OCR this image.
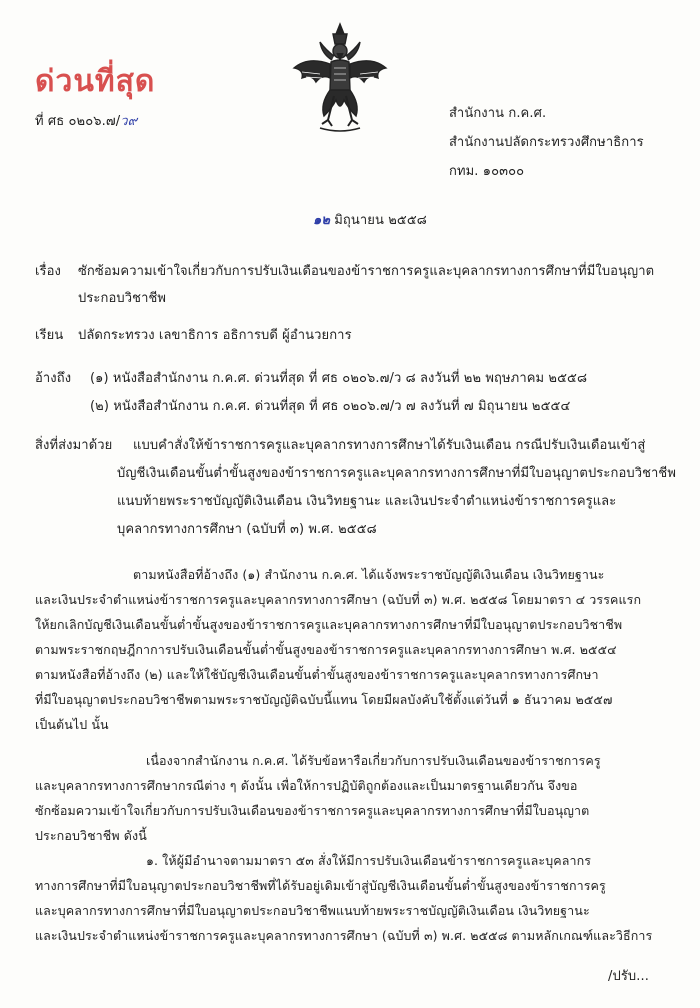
ด่วนที่สุด
ที่ ศธ ๐๒๐๖.๗/ว๙
สำนักงาน ก.ค.ศ.
สำนักงานปลัดกระทรวงศึกษาธิการ
กทม. ๑๐๓๐๐
๑๒ มิถุนายน ๒๕๕๘
เรื่อง ซักซ้อมความเข้าใจเกี่ยวกับการปรับเงินเดือนของข้าราชการครูและบุคลากรทางการศึกษาที่มีใบอนุญาต
ประกอบวิชาชีพ
เรียน ปลัดกระทรวง เลขาธิการ อธิการบดี ผู้อำนวยการ
อ้างถึง (๑) หนังสือสำนักงาน ก.ค.ศ. ด่วนที่สุด ที่ ศธ ๐๒๐๖.๗/ว ๘ ลงวันที่ ๒๒ พฤษภาคม ๒๕๕๘
(๒) หนังสือสำนักงาน ก.ค.ศ. ด่วนที่สุด ที่ ศธ ๐๒๐๖.๗/ว ๗ ลงวันที่ ๗ มิถุนายน ๒๕๕๔
สิ่งที่ส่งมาด้วย แบบคำสั่งให้ข้าราชการครูและบุคลากรทางการศึกษาได้รับเงินเดือน กรณีปรับเงินเดือนเข้าสู่
บัญชีเงินเดือนขั้นต่ำขั้นสูงของข้าราชการครูและบุคลากรทางการศึกษาที่มีใบอนุญาตประกอบวิชาชีพ
แนบท้ายพระราชบัญญัติเงินเดือน เงินวิทยฐานะ และเงินประจำตำแหน่งข้าราชการครูและ
บุคลากรทางการศึกษา (ฉบับที่ ๓) พ.ศ. ๒๕๕๘
ตามหนังสือที่อ้างถึง (๑) สำนักงาน ก.ค.ศ. ได้แจ้งพระราชบัญญัติเงินเดือน เงินวิทยฐานะ
และเงินประจำตำแหน่งข้าราชการครูและบุคลากรทางการศึกษา (ฉบับที่ ๓) พ.ศ. ๒๕๕๘ โดยมาตรา ๔ วรรคแรก
ให้ยกเลิกบัญชีเงินเดือนขั้นต่ำขั้นสูงของข้าราชการครูและบุคลากรทางการศึกษาที่มีใบอนุญาตประกอบวิชาชีพ
ตามพระราชกฤษฎีกาการปรับเงินเดือนขั้นต่ำขั้นสูงของข้าราชการครูและบุคลากรทางการศึกษา พ.ศ. ๒๕๕๔
ตามหนังสือที่อ้างถึง (๒) และให้ใช้บัญชีเงินเดือนขั้นต่ำขั้นสูงของข้าราชการครูและบุคลากรทางการศึกษา
ที่มีใบอนุญาตประกอบวิชาชีพตามพระราชบัญญัติฉบับนี้แทน โดยมีผลบังคับใช้ตั้งแต่วันที่ ๑ ธันวาคม ๒๕๕๗
เป็นต้นไป นั้น
เนื่องจากสำนักงาน ก.ค.ศ. ได้รับข้อหารือเกี่ยวกับการปรับเงินเดือนของข้าราชการครู
และบุคลากรทางการศึกษากรณีต่าง ๆ ดังนั้น เพื่อให้การปฏิบัติถูกต้องและเป็นมาตรฐานเดียวกัน จึงขอ
ซักซ้อมความเข้าใจเกี่ยวกับการปรับเงินเดือนของข้าราชการครูและบุคลากรทางการศึกษาที่มีใบอนุญาต
ประกอบวิชาชีพ ดังนี้
๑. ให้ผู้มีอำนาจตามมาตรา ๕๓ สั่งให้มีการปรับเงินเดือนข้าราชการครูและบุคลากร
ทางการศึกษาที่มีใบอนุญาตประกอบวิชาชีพที่ได้รับอยู่เดิมเข้าสู่บัญชีเงินเดือนขั้นต่ำขั้นสูงของข้าราชการครู
และบุคลากรทางการศึกษาที่มีใบอนุญาตประกอบวิชาชีพแนบท้ายพระราชบัญญัติเงินเดือน เงินวิทยฐานะ
และเงินประจำตำแหน่งข้าราชการครูและบุคลากรทางการศึกษา (ฉบับที่ ๓) พ.ศ. ๒๕๕๘ ตามหลักเกณฑ์และวิธีการ
/ปรับ...
